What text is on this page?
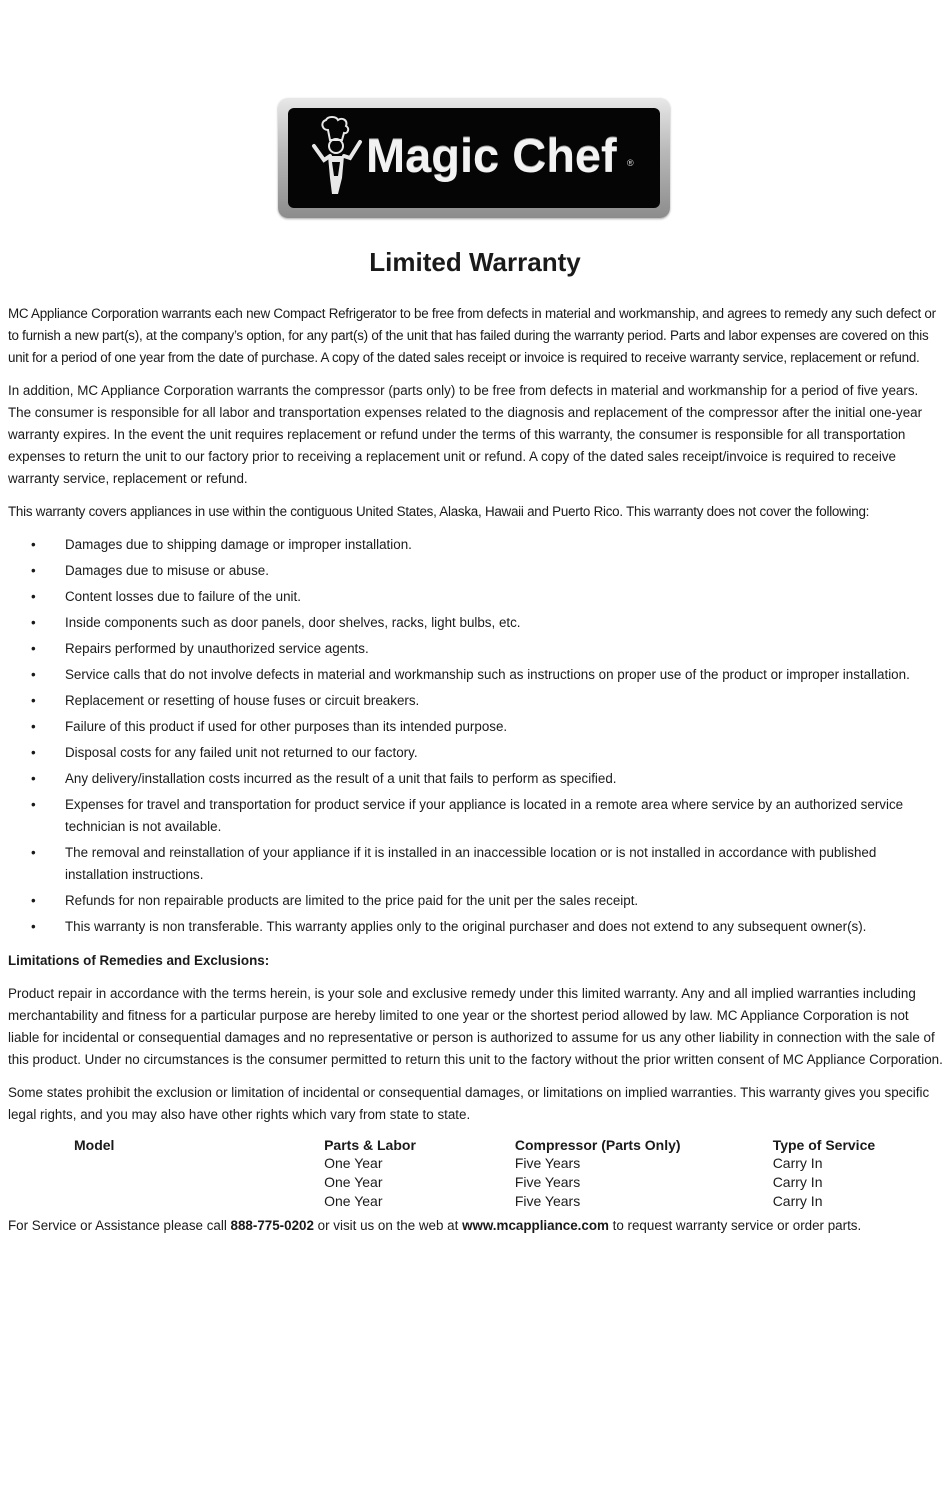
Magic Chef ®
Limited Warranty

MC Appliance Corporation warrants each new Compact Refrigerator to be free from defects in material and workmanship, and agrees to remedy any such defect or to furnish a new part(s), at the company’s option, for any part(s) of the unit that has failed during the warranty period. Parts and labor expenses are covered on this unit for a period of one year from the date of purchase. A copy of the dated sales receipt or invoice is required to receive warranty service, replacement or refund.

In addition, MC Appliance Corporation warrants the compressor (parts only) to be free from defects in material and workmanship for a period of five years. The consumer is responsible for all labor and transportation expenses related to the diagnosis and replacement of the compressor after the initial one-year warranty expires. In the event the unit requires replacement or refund under the terms of this warranty, the consumer is responsible for all transportation expenses to return the unit to our factory prior to receiving a replacement unit or refund. A copy of the dated sales receipt/invoice is required to receive warranty service, replacement or refund.

This warranty covers appliances in use within the contiguous United States, Alaska, Hawaii and Puerto Rico. This warranty does not cover the following:

• Damages due to shipping damage or improper installation.
• Damages due to misuse or abuse.
• Content losses due to failure of the unit.
• Inside components such as door panels, door shelves, racks, light bulbs, etc.
• Repairs performed by unauthorized service agents.
• Service calls that do not involve defects in material and workmanship such as instructions on proper use of the product or improper installation.
• Replacement or resetting of house fuses or circuit breakers.
• Failure of this product if used for other purposes than its intended purpose.
• Disposal costs for any failed unit not returned to our factory.
• Any delivery/installation costs incurred as the result of a unit that fails to perform as specified.
• Expenses for travel and transportation for product service if your appliance is located in a remote area where service by an authorized service technician is not available.
• The removal and reinstallation of your appliance if it is installed in an inaccessible location or is not installed in accordance with published installation instructions.
• Refunds for non repairable products are limited to the price paid for the unit per the sales receipt.
• This warranty is non transferable. This warranty applies only to the original purchaser and does not extend to any subsequent owner(s).
Limitations of Remedies and Exclusions:

Product repair in accordance with the terms herein, is your sole and exclusive remedy under this limited warranty. Any and all implied warranties including merchantability and fitness for a particular purpose are hereby limited to one year or the shortest period allowed by law. MC Appliance Corporation is not liable for incidental or consequential damages and no representative or person is authorized to assume for us any other liability in connection with the sale of this product. Under no circumstances is the consumer permitted to return this unit to the factory without the prior written consent of MC Appliance Corporation.

Some states prohibit the exclusion or limitation of incidental or consequential damages, or limitations on implied warranties. This warranty gives you specific legal rights, and you may also have other rights which vary from state to state.

Model	Parts & Labor	Compressor (Parts Only)	Type of Service
	One Year	Five Years	Carry In
	One Year	Five Years	Carry In
	One Year	Five Years	Carry In
For Service or Assistance please call 888-775-0202 or visit us on the web at www.mcappliance.com to request warranty service or order parts.
